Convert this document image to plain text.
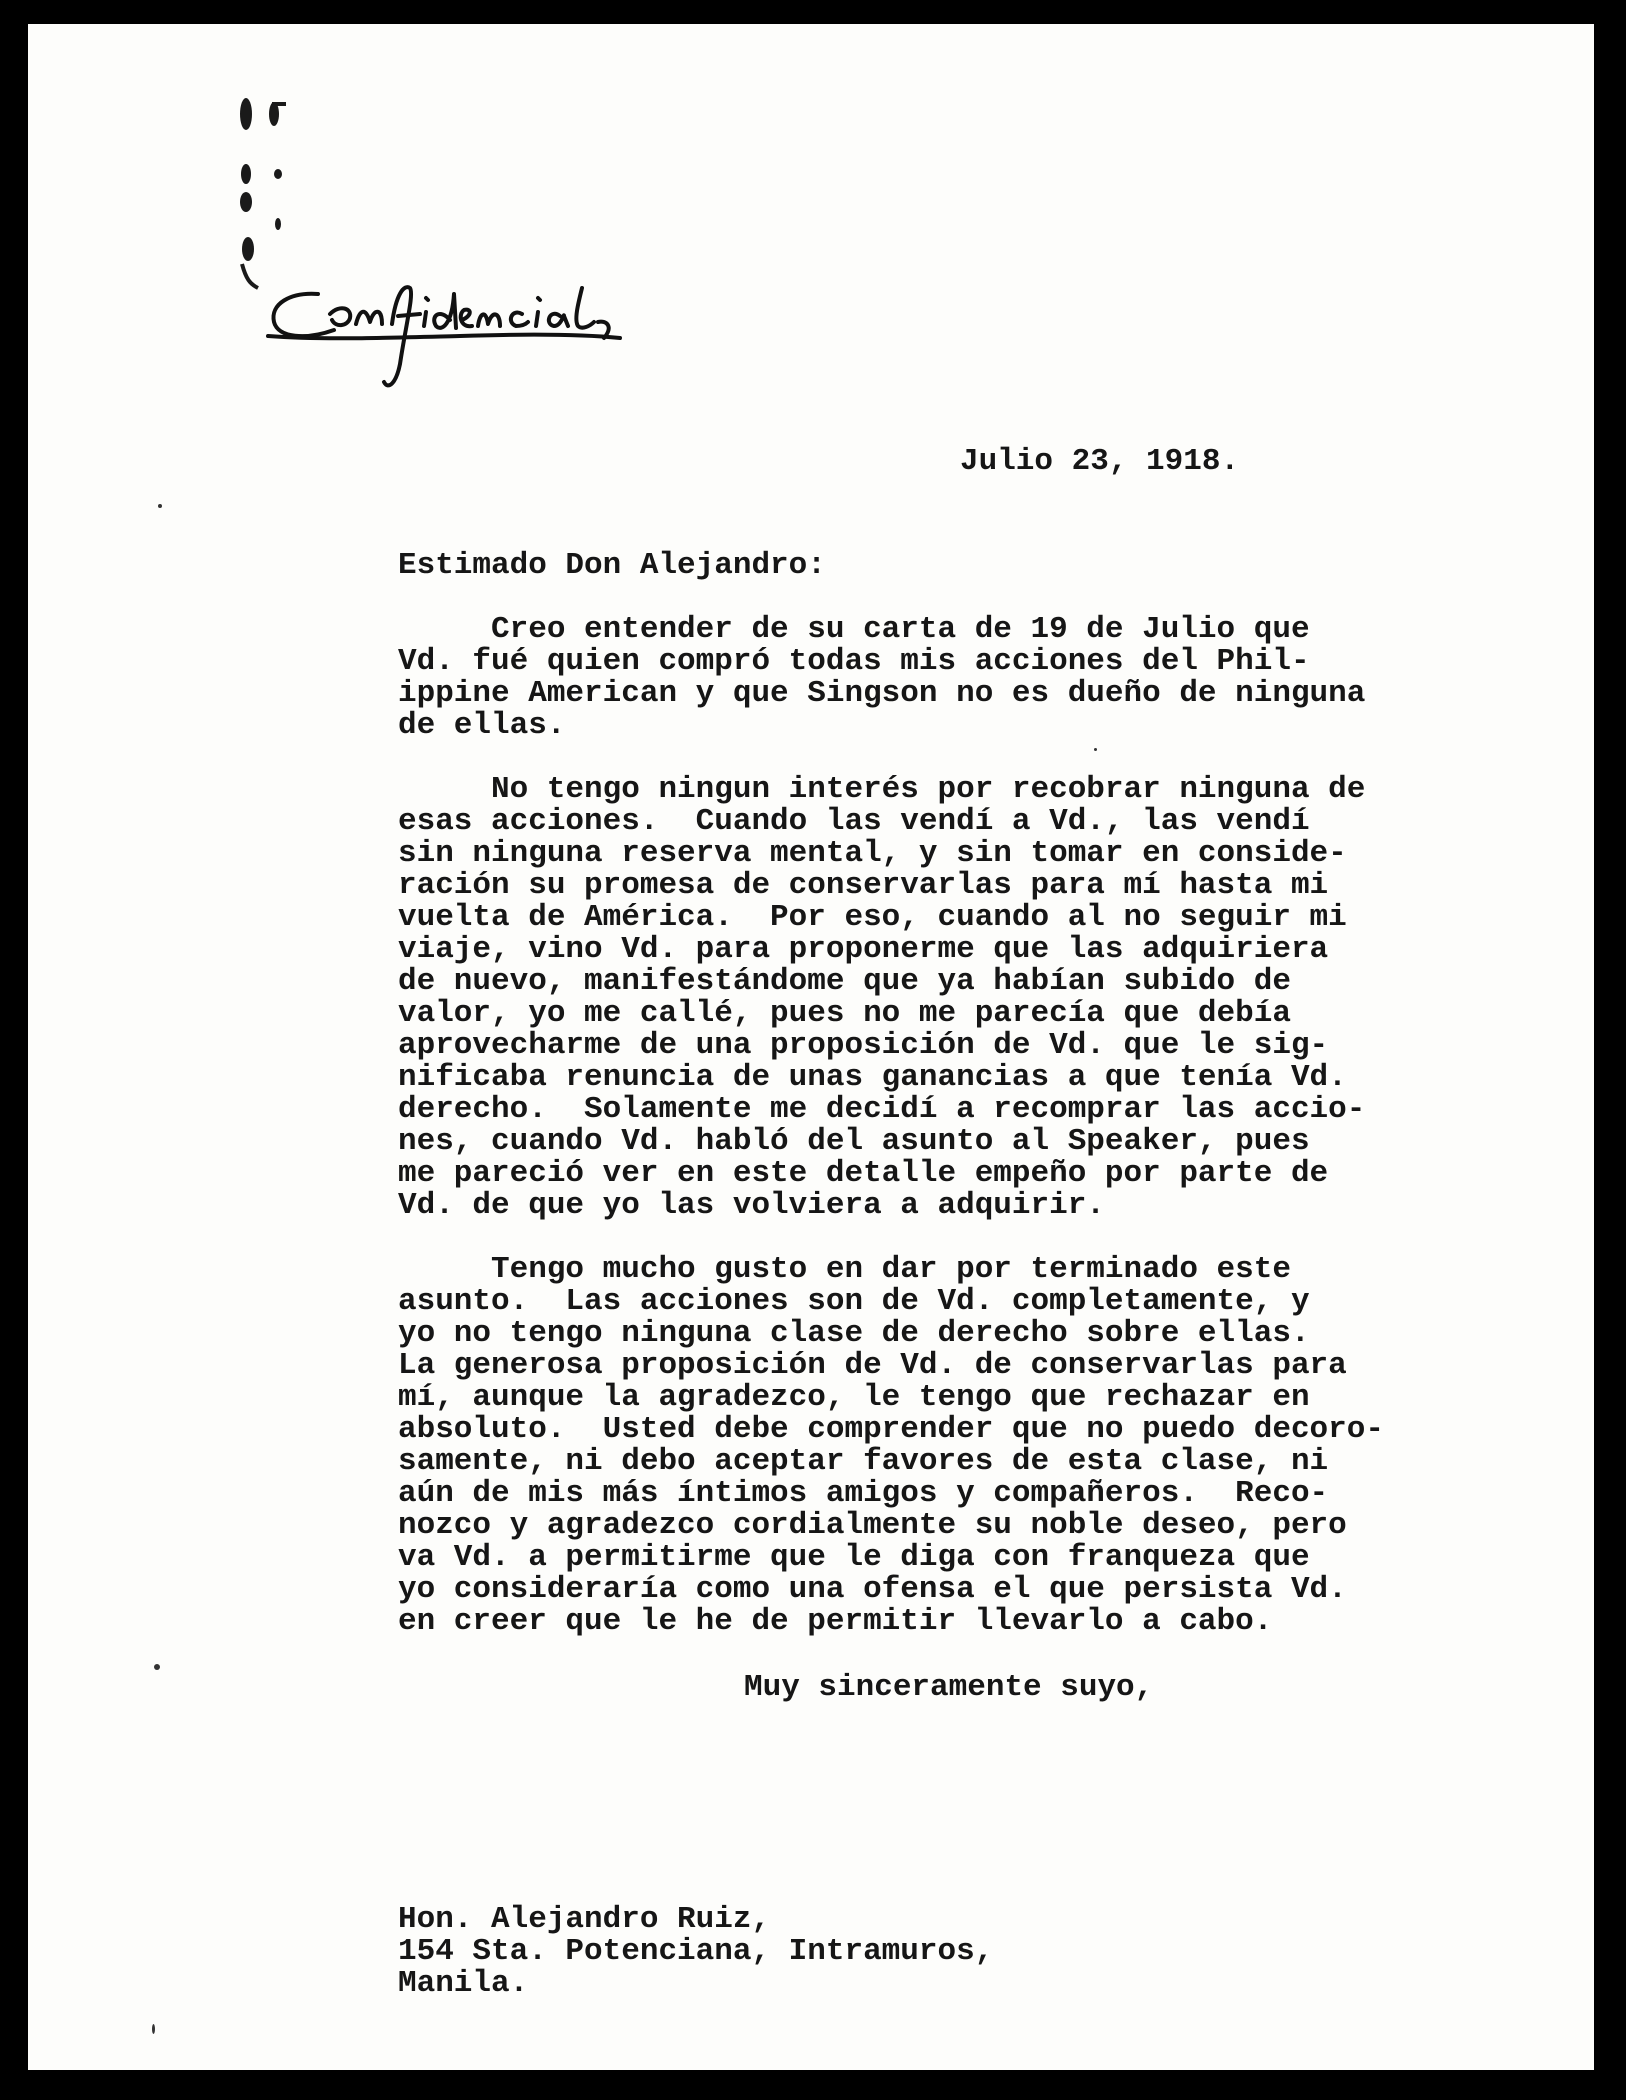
Julio 23, 1918.

Estimado Don Alejandro:

Creo entender de su carta de 19 de Julio que

Vd. fué quien compró todas mis acciones del Phil-

ippine American y que Singson no es dueño de ninguna

de ellas.

No tengo ningun interés por recobrar ninguna de

esas acciones.  Cuando las vendí a Vd., las vendí

sin ninguna reserva mental, y sin tomar en conside-

ración su promesa de conservarlas para mí hasta mi

vuelta de América.  Por eso, cuando al no seguir mi

viaje, vino Vd. para proponerme que las adquiriera

de nuevo, manifestándome que ya habían subido de

valor, yo me callé, pues no me parecía que debía

aprovecharme de una proposición de Vd. que le sig-

nificaba renuncia de unas ganancias a que tenía Vd.

derecho.  Solamente me decidí a recomprar las accio-

nes, cuando Vd. habló del asunto al Speaker, pues

me pareció ver en este detalle empeño por parte de

Vd. de que yo las volviera a adquirir.

Tengo mucho gusto en dar por terminado este

asunto.  Las acciones son de Vd. completamente, y

yo no tengo ninguna clase de derecho sobre ellas.

La generosa proposición de Vd. de conservarlas para

mí, aunque la agradezco, le tengo que rechazar en

absoluto.  Usted debe comprender que no puedo decoro-

samente, ni debo aceptar favores de esta clase, ni

aún de mis más íntimos amigos y compañeros.  Reco-

nozco y agradezco cordialmente su noble deseo, pero

va Vd. a permitirme que le diga con franqueza que

yo consideraría como una ofensa el que persista Vd.

en creer que le he de permitir llevarlo a cabo.

Muy sinceramente suyo,

Hon. Alejandro Ruiz,

154 Sta. Potenciana, Intramuros,

Manila.
